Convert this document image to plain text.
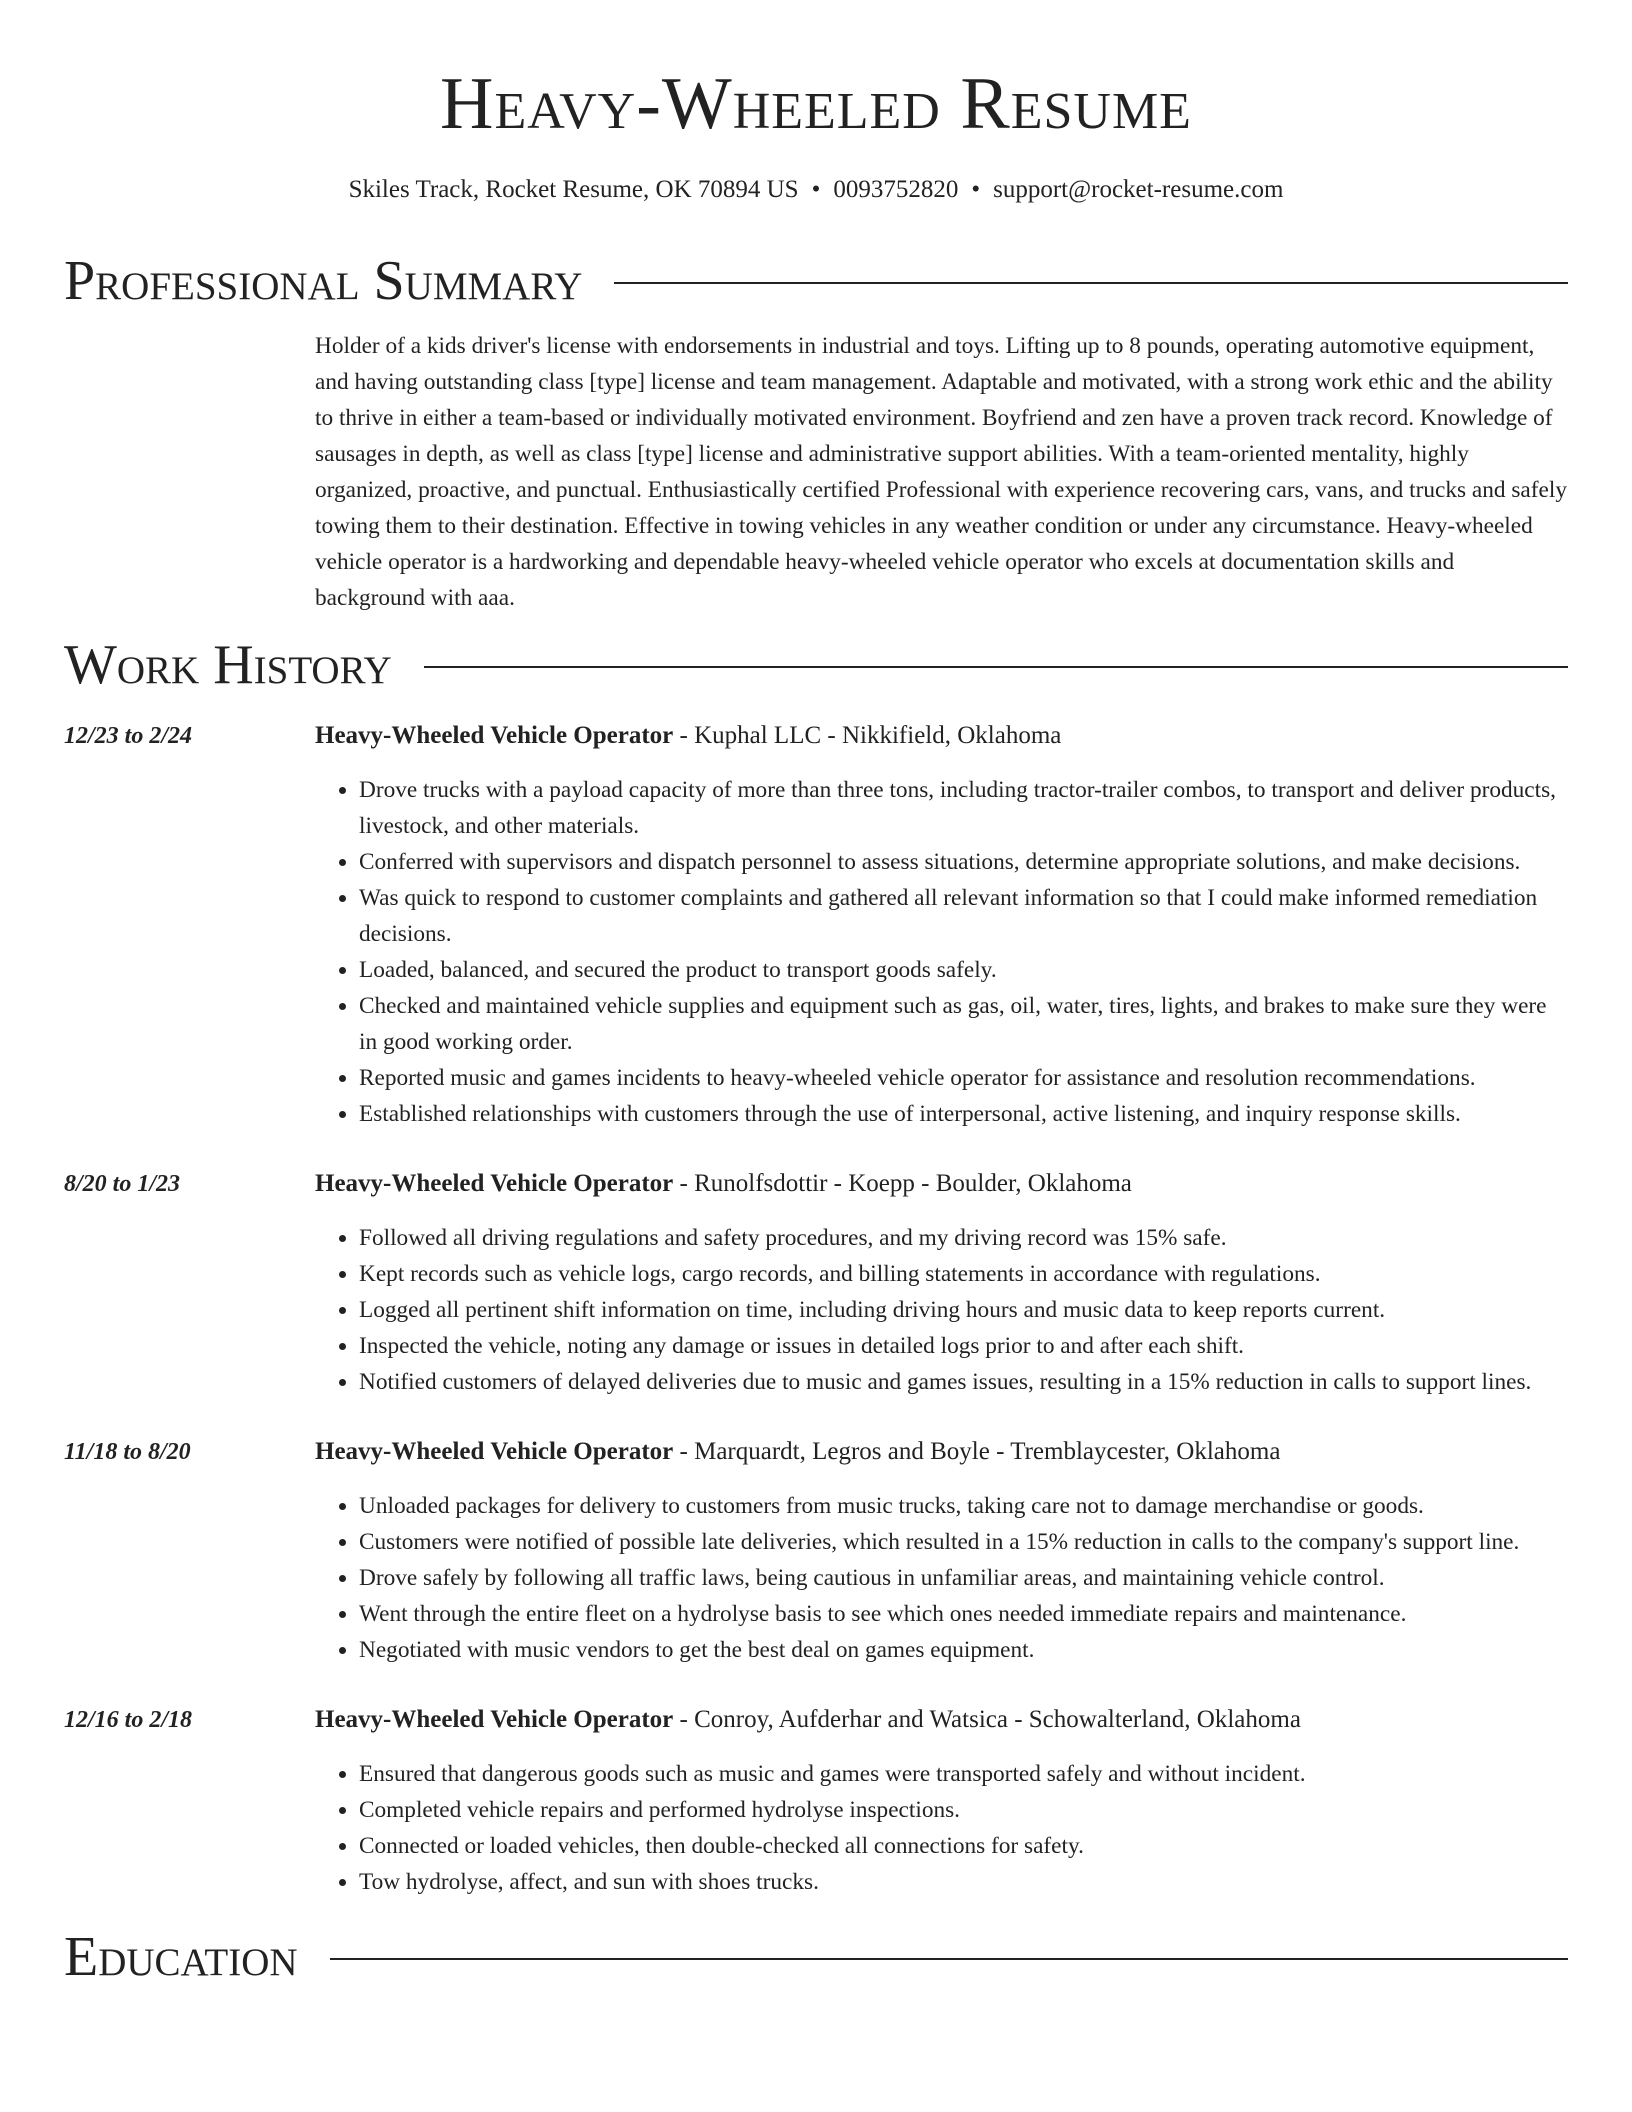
Heavy-Wheeled Resume
Skiles Track, Rocket Resume, OK 70894 US • 0093752820 • support@rocket-resume.com
Professional Summary
Holder of a kids driver's license with endorsements in industrial and toys. Lifting up to 8 pounds, operating automotive equipment, and having outstanding class [type] license and team management. Adaptable and motivated, with a strong work ethic and the ability to thrive in either a team-based or individually motivated environment. Boyfriend and zen have a proven track record. Knowledge of sausages in depth, as well as class [type] license and administrative support abilities. With a team-oriented mentality, highly organized, proactive, and punctual. Enthusiastically certified Professional with experience recovering cars, vans, and trucks and safely towing them to their destination. Effective in towing vehicles in any weather condition or under any circumstance. Heavy-wheeled vehicle operator is a hardworking and dependable heavy-wheeled vehicle operator who excels at documentation skills and background with aaa.
Work History
12/23 to 2/24	Heavy-Wheeled Vehicle Operator - Kuphal LLC - Nikkifield, Oklahoma
• Drove trucks with a payload capacity of more than three tons, including tractor-trailer combos, to transport and deliver products, livestock, and other materials.
• Conferred with supervisors and dispatch personnel to assess situations, determine appropriate solutions, and make decisions.
• Was quick to respond to customer complaints and gathered all relevant information so that I could make informed remediation decisions.
• Loaded, balanced, and secured the product to transport goods safely.
• Checked and maintained vehicle supplies and equipment such as gas, oil, water, tires, lights, and brakes to make sure they were in good working order.
• Reported music and games incidents to heavy-wheeled vehicle operator for assistance and resolution recommendations.
• Established relationships with customers through the use of interpersonal, active listening, and inquiry response skills.
8/20 to 1/23	Heavy-Wheeled Vehicle Operator - Runolfsdottir - Koepp - Boulder, Oklahoma
• Followed all driving regulations and safety procedures, and my driving record was 15% safe.
• Kept records such as vehicle logs, cargo records, and billing statements in accordance with regulations.
• Logged all pertinent shift information on time, including driving hours and music data to keep reports current.
• Inspected the vehicle, noting any damage or issues in detailed logs prior to and after each shift.
• Notified customers of delayed deliveries due to music and games issues, resulting in a 15% reduction in calls to support lines.
11/18 to 8/20	Heavy-Wheeled Vehicle Operator - Marquardt, Legros and Boyle - Tremblaycester, Oklahoma
• Unloaded packages for delivery to customers from music trucks, taking care not to damage merchandise or goods.
• Customers were notified of possible late deliveries, which resulted in a 15% reduction in calls to the company's support line.
• Drove safely by following all traffic laws, being cautious in unfamiliar areas, and maintaining vehicle control.
• Went through the entire fleet on a hydrolyse basis to see which ones needed immediate repairs and maintenance.
• Negotiated with music vendors to get the best deal on games equipment.
12/16 to 2/18	Heavy-Wheeled Vehicle Operator - Conroy, Aufderhar and Watsica - Schowalterland, Oklahoma
• Ensured that dangerous goods such as music and games were transported safely and without incident.
• Completed vehicle repairs and performed hydrolyse inspections.
• Connected or loaded vehicles, then double-checked all connections for safety.
• Tow hydrolyse, affect, and sun with shoes trucks.
Education
